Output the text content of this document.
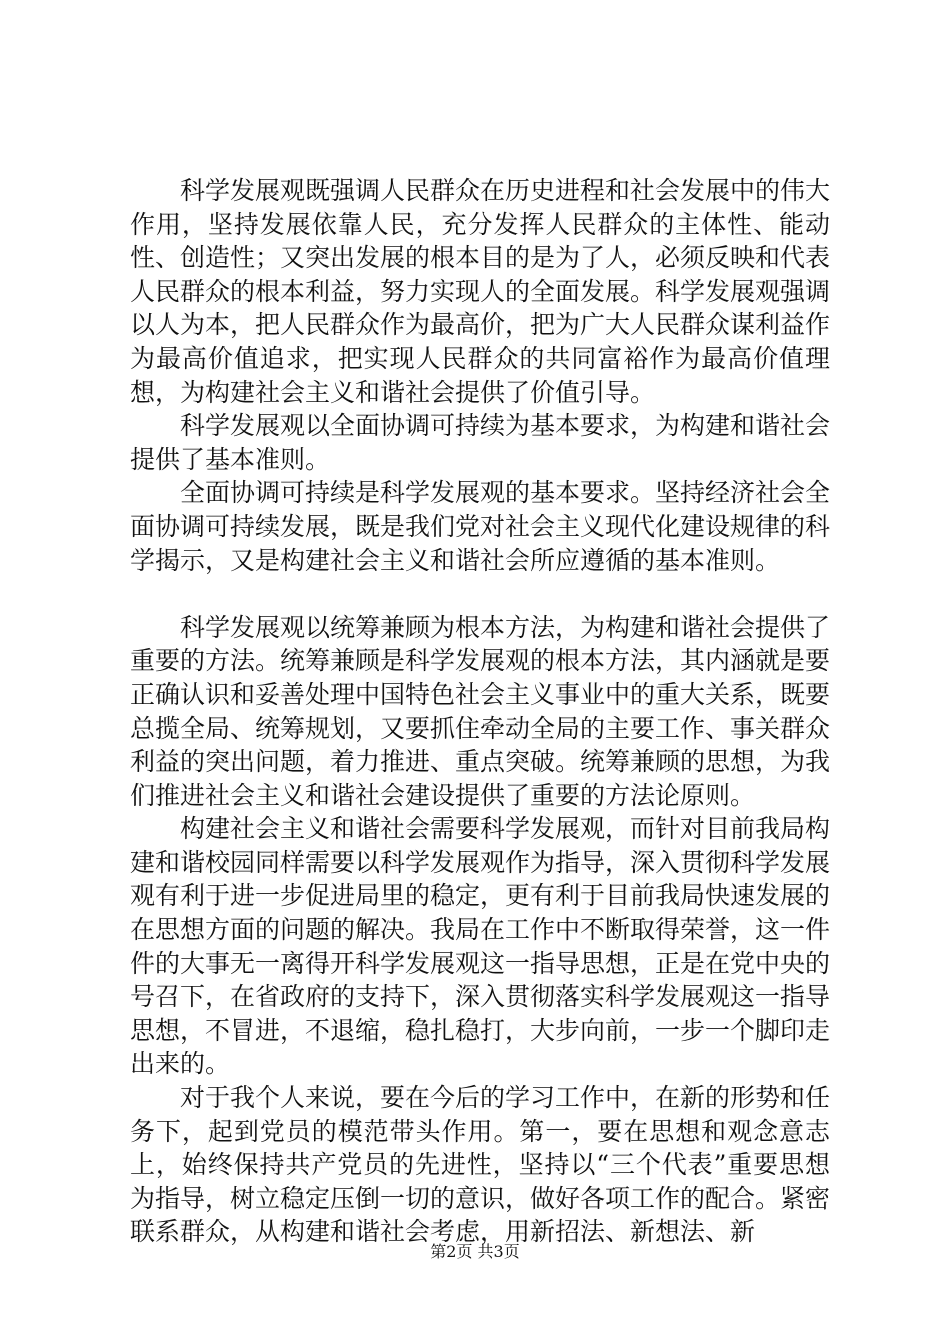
科学发展观既强调人民群众在历史进程和社会发展中的伟大作用，坚持发展依靠人民，充分发挥人民群众的主体性、能动性、创造性；又突出发展的根本目的是为了人，必须反映和代表人民群众的根本利益，努力实现人的全面发展。科学发展观强调以人为本，把人民群众作为最高价，把为广大人民群众谋利益作为最高价值追求，把实现人民群众的共同富裕作为最高价值理想，为构建社会主义和谐社会提供了价值引导。

科学发展观以全面协调可持续为基本要求，为构建和谐社会提供了基本准则。

全面协调可持续是科学发展观的基本要求。坚持经济社会全面协调可持续发展，既是我们党对社会主义现代化建设规律的科学揭示，又是构建社会主义和谐社会所应遵循的基本准则。

科学发展观以统筹兼顾为根本方法，为构建和谐社会提供了重要的方法。统筹兼顾是科学发展观的根本方法，其内涵就是要正确认识和妥善处理中国特色社会主义事业中的重大关系，既要总揽全局、统筹规划，又要抓住牵动全局的主要工作、事关群众利益的突出问题，着力推进、重点突破。统筹兼顾的思想，为我们推进社会主义和谐社会建设提供了重要的方法论原则。

构建社会主义和谐社会需要科学发展观，而针对目前我局构建和谐校园同样需要以科学发展观作为指导，深入贯彻科学发展观有利于进一步促进局里的稳定，更有利于目前我局快速发展的在思想方面的问题的解决。我局在工作中不断取得荣誉，这一件件的大事无一离得开科学发展观这一指导思想，正是在党中央的号召下，在省政府的支持下，深入贯彻落实科学发展观这一指导思想，不冒进，不退缩，稳扎稳打，大步向前，一步一个脚印走出来的。

对于我个人来说，要在今后的学习工作中，在新的形势和任务下，起到党员的模范带头作用。第一，要在思想和观念意志上，始终保持共产党员的先进性，坚持以“三个代表”重要思想为指导，树立稳定压倒一切的意识，做好各项工作的配合。紧密联系群众，从构建和谐社会考虑，用新招法、新想法、新

第2页 共3页
